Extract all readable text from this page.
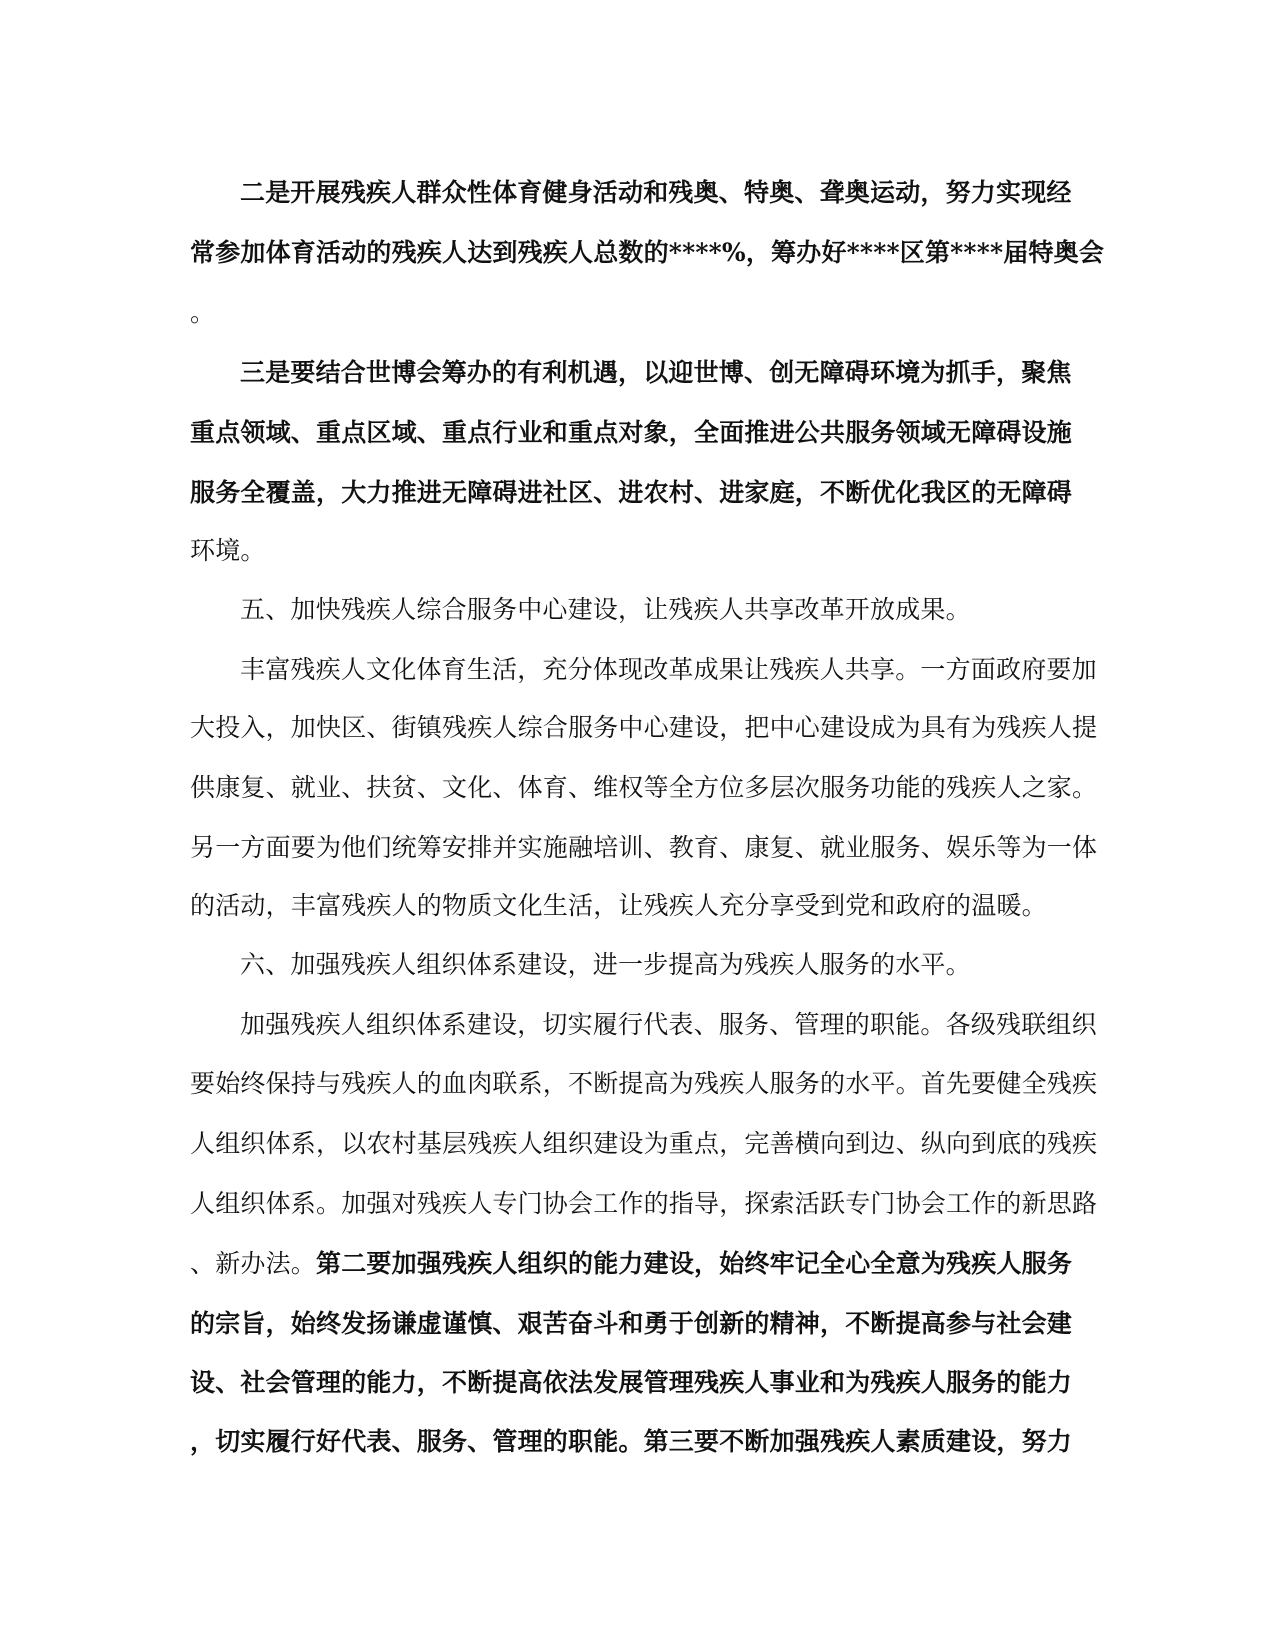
二是开展残疾人群众性体育健身活动和残奥、特奥、聋奥运动，努力实现经
常参加体育活动的残疾人达到残疾人总数的****%，筹办好****区第****届特奥会
。
三是要结合世博会筹办的有利机遇，以迎世博、创无障碍环境为抓手，聚焦
重点领域、重点区域、重点行业和重点对象，全面推进公共服务领域无障碍设施
服务全覆盖，大力推进无障碍进社区、进农村、进家庭，不断优化我区的无障碍
环境。
五、加快残疾人综合服务中心建设，让残疾人共享改革开放成果。
丰富残疾人文化体育生活，充分体现改革成果让残疾人共享。一方面政府要加
大投入，加快区、街镇残疾人综合服务中心建设，把中心建设成为具有为残疾人提
供康复、就业、扶贫、文化、体育、维权等全方位多层次服务功能的残疾人之家。
另一方面要为他们统筹安排并实施融培训、教育、康复、就业服务、娱乐等为一体
的活动，丰富残疾人的物质文化生活，让残疾人充分享受到党和政府的温暖。
六、加强残疾人组织体系建设，进一步提高为残疾人服务的水平。
加强残疾人组织体系建设，切实履行代表、服务、管理的职能。各级残联组织
要始终保持与残疾人的血肉联系，不断提高为残疾人服务的水平。首先要健全残疾
人组织体系，以农村基层残疾人组织建设为重点，完善横向到边、纵向到底的残疾
人组织体系。加强对残疾人专门协会工作的指导，探索活跃专门协会工作的新思路
、新办法。第二要加强残疾人组织的能力建设，始终牢记全心全意为残疾人服务
的宗旨，始终发扬谦虚谨慎、艰苦奋斗和勇于创新的精神，不断提高参与社会建
设、社会管理的能力，不断提高依法发展管理残疾人事业和为残疾人服务的能力
，切实履行好代表、服务、管理的职能。第三要不断加强残疾人素质建设，努力
